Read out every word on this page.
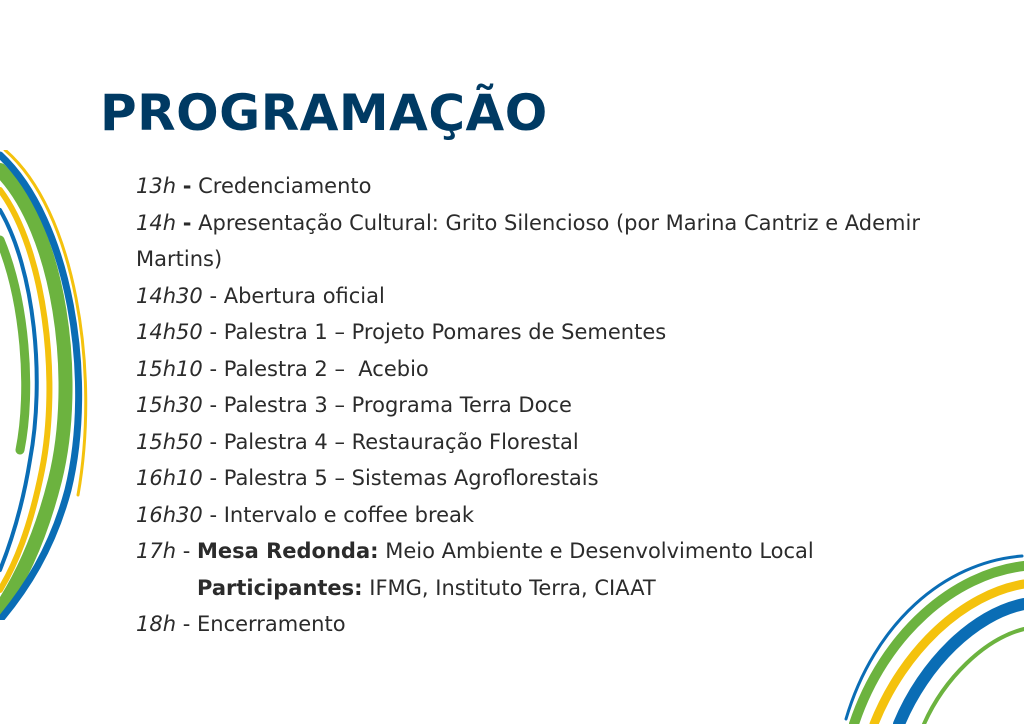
PROGRAMAÇÃO
13h - Credenciamento
14h - Apresentação Cultural: Grito Silencioso (por Marina Cantriz e Ademir Martins)
14h30 - Abertura oficial
14h50 - Palestra 1 – Projeto Pomares de Sementes
15h10 - Palestra 2 –  Acebio
15h30 - Palestra 3 – Programa Terra Doce
15h50 - Palestra 4 – Restauração Florestal
16h10 - Palestra 5 – Sistemas Agroflorestais
16h30 - Intervalo e coffee break
17h - Mesa Redonda: Meio Ambiente e Desenvolvimento Local
Participantes: IFMG, Instituto Terra, CIAAT
18h - Encerramento
